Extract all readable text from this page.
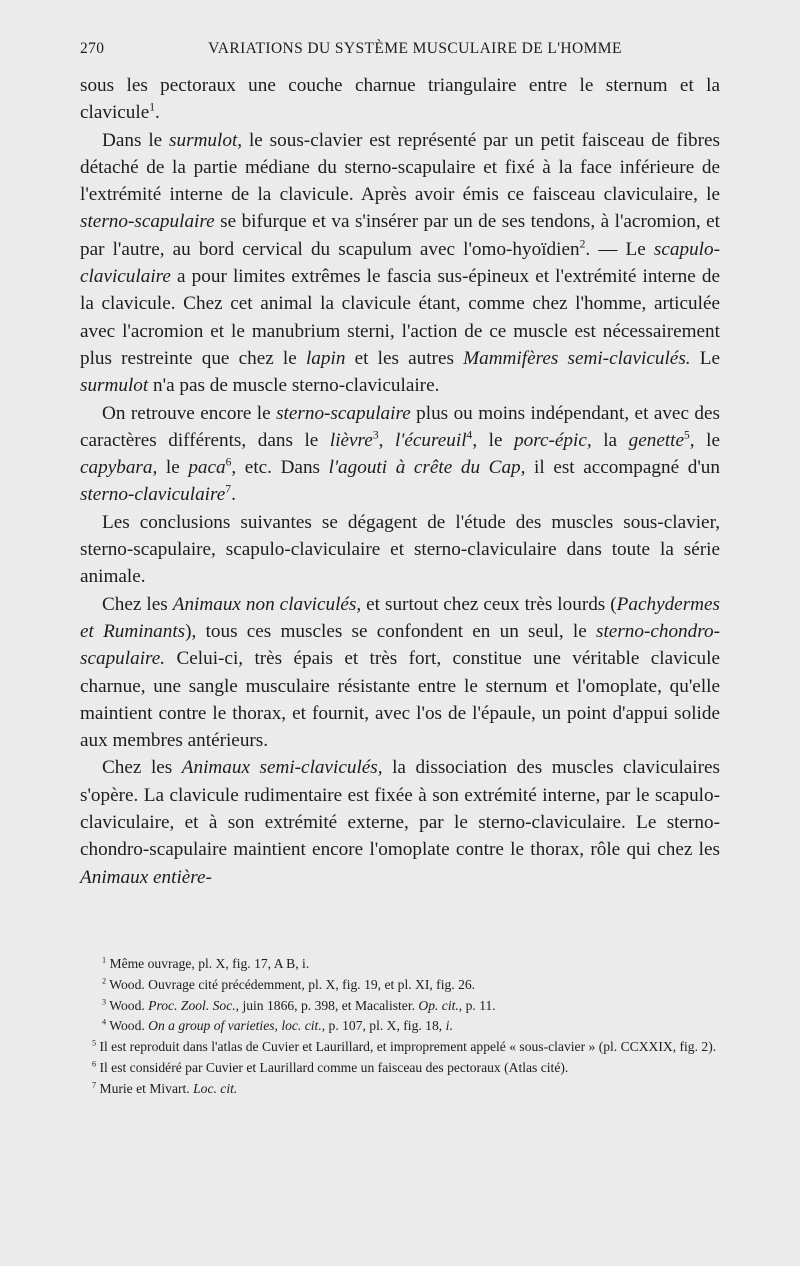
270	VARIATIONS DU SYSTÈME MUSCULAIRE DE L'HOMME

sous les pectoraux une couche charnue triangulaire entre le sternum et la clavicule$^1$.

Dans le surmulot, le sous-clavier est représenté par un petit faisceau de fibres détaché de la partie médiane du sterno-scapulaire et fixé à la face inférieure de l'extrémité interne de la clavicule. Après avoir émis ce faisceau claviculaire, le sterno-scapulaire se bifurque et va s'insérer par un de ses tendons, à l'acromion, et par l'autre, au bord cervical du scapulum avec l'omo-hyoïdien$^2$. — Le scapulo-claviculaire a pour limites extrêmes le fascia sus-épineux et l'extrémité interne de la clavicule. Chez cet animal la clavicule étant, comme chez l'homme, articulée avec l'acromion et le manubrium sterni, l'action de ce muscle est nécessairement plus restreinte que chez le lapin et les autres Mammifères semi-claviculés. Le surmulot n'a pas de muscle sterno-claviculaire.

On retrouve encore le sterno-scapulaire plus ou moins indépendant, et avec des caractères différents, dans le lièvre$^3$, l'écureuil$^4$, le porc-épic, la genette$^5$, le capybara, le paca$^6$, etc. Dans l'agouti à crête du Cap, il est accompagné d'un sterno-claviculaire$^7$.

Les conclusions suivantes se dégagent de l'étude des muscles sous-clavier, sterno-scapulaire, scapulo-claviculaire et sterno-claviculaire dans toute la série animale.

Chez les Animaux non claviculés, et surtout chez ceux très lourds (Pachydermes et Ruminants), tous ces muscles se confondent en un seul, le sterno-chondro-scapulaire. Celui-ci, très épais et très fort, constitue une véritable clavicule charnue, une sangle musculaire résistante entre le sternum et l'omoplate, qu'elle maintient contre le thorax, et fournit, avec l'os de l'épaule, un point d'appui solide aux membres antérieurs.

Chez les Animaux semi-claviculés, la dissociation des muscles claviculaires s'opère. La clavicule rudimentaire est fixée à son extrémité interne, par le scapulo-claviculaire, et à son extrémité externe, par le sterno-claviculaire. Le sterno-chondro-scapulaire maintient encore l'omoplate contre le thorax, rôle qui chez les Animaux entière-

$^1$ Même ouvrage, pl. X, fig. 17, A B, i.

$^2$ Wood. Ouvrage cité précédemment, pl. X, fig. 19, et pl. XI, fig. 26.

$^3$ Wood. Proc. Zool. Soc., juin 1866, p. 398, et Macalister. Op. cit., p. 11.

$^4$ Wood. On a group of varieties, loc. cit., p. 107, pl. X, fig. 18, i.

$^5$ Il est reproduit dans l'atlas de Cuvier et Laurillard, et improprement appelé « sous-clavier » (pl. CCXXIX, fig. 2).

$^6$ Il est considéré par Cuvier et Laurillard comme un faisceau des pectoraux (Atlas cité).

$^7$ Murie et Mivart. Loc. cit.
